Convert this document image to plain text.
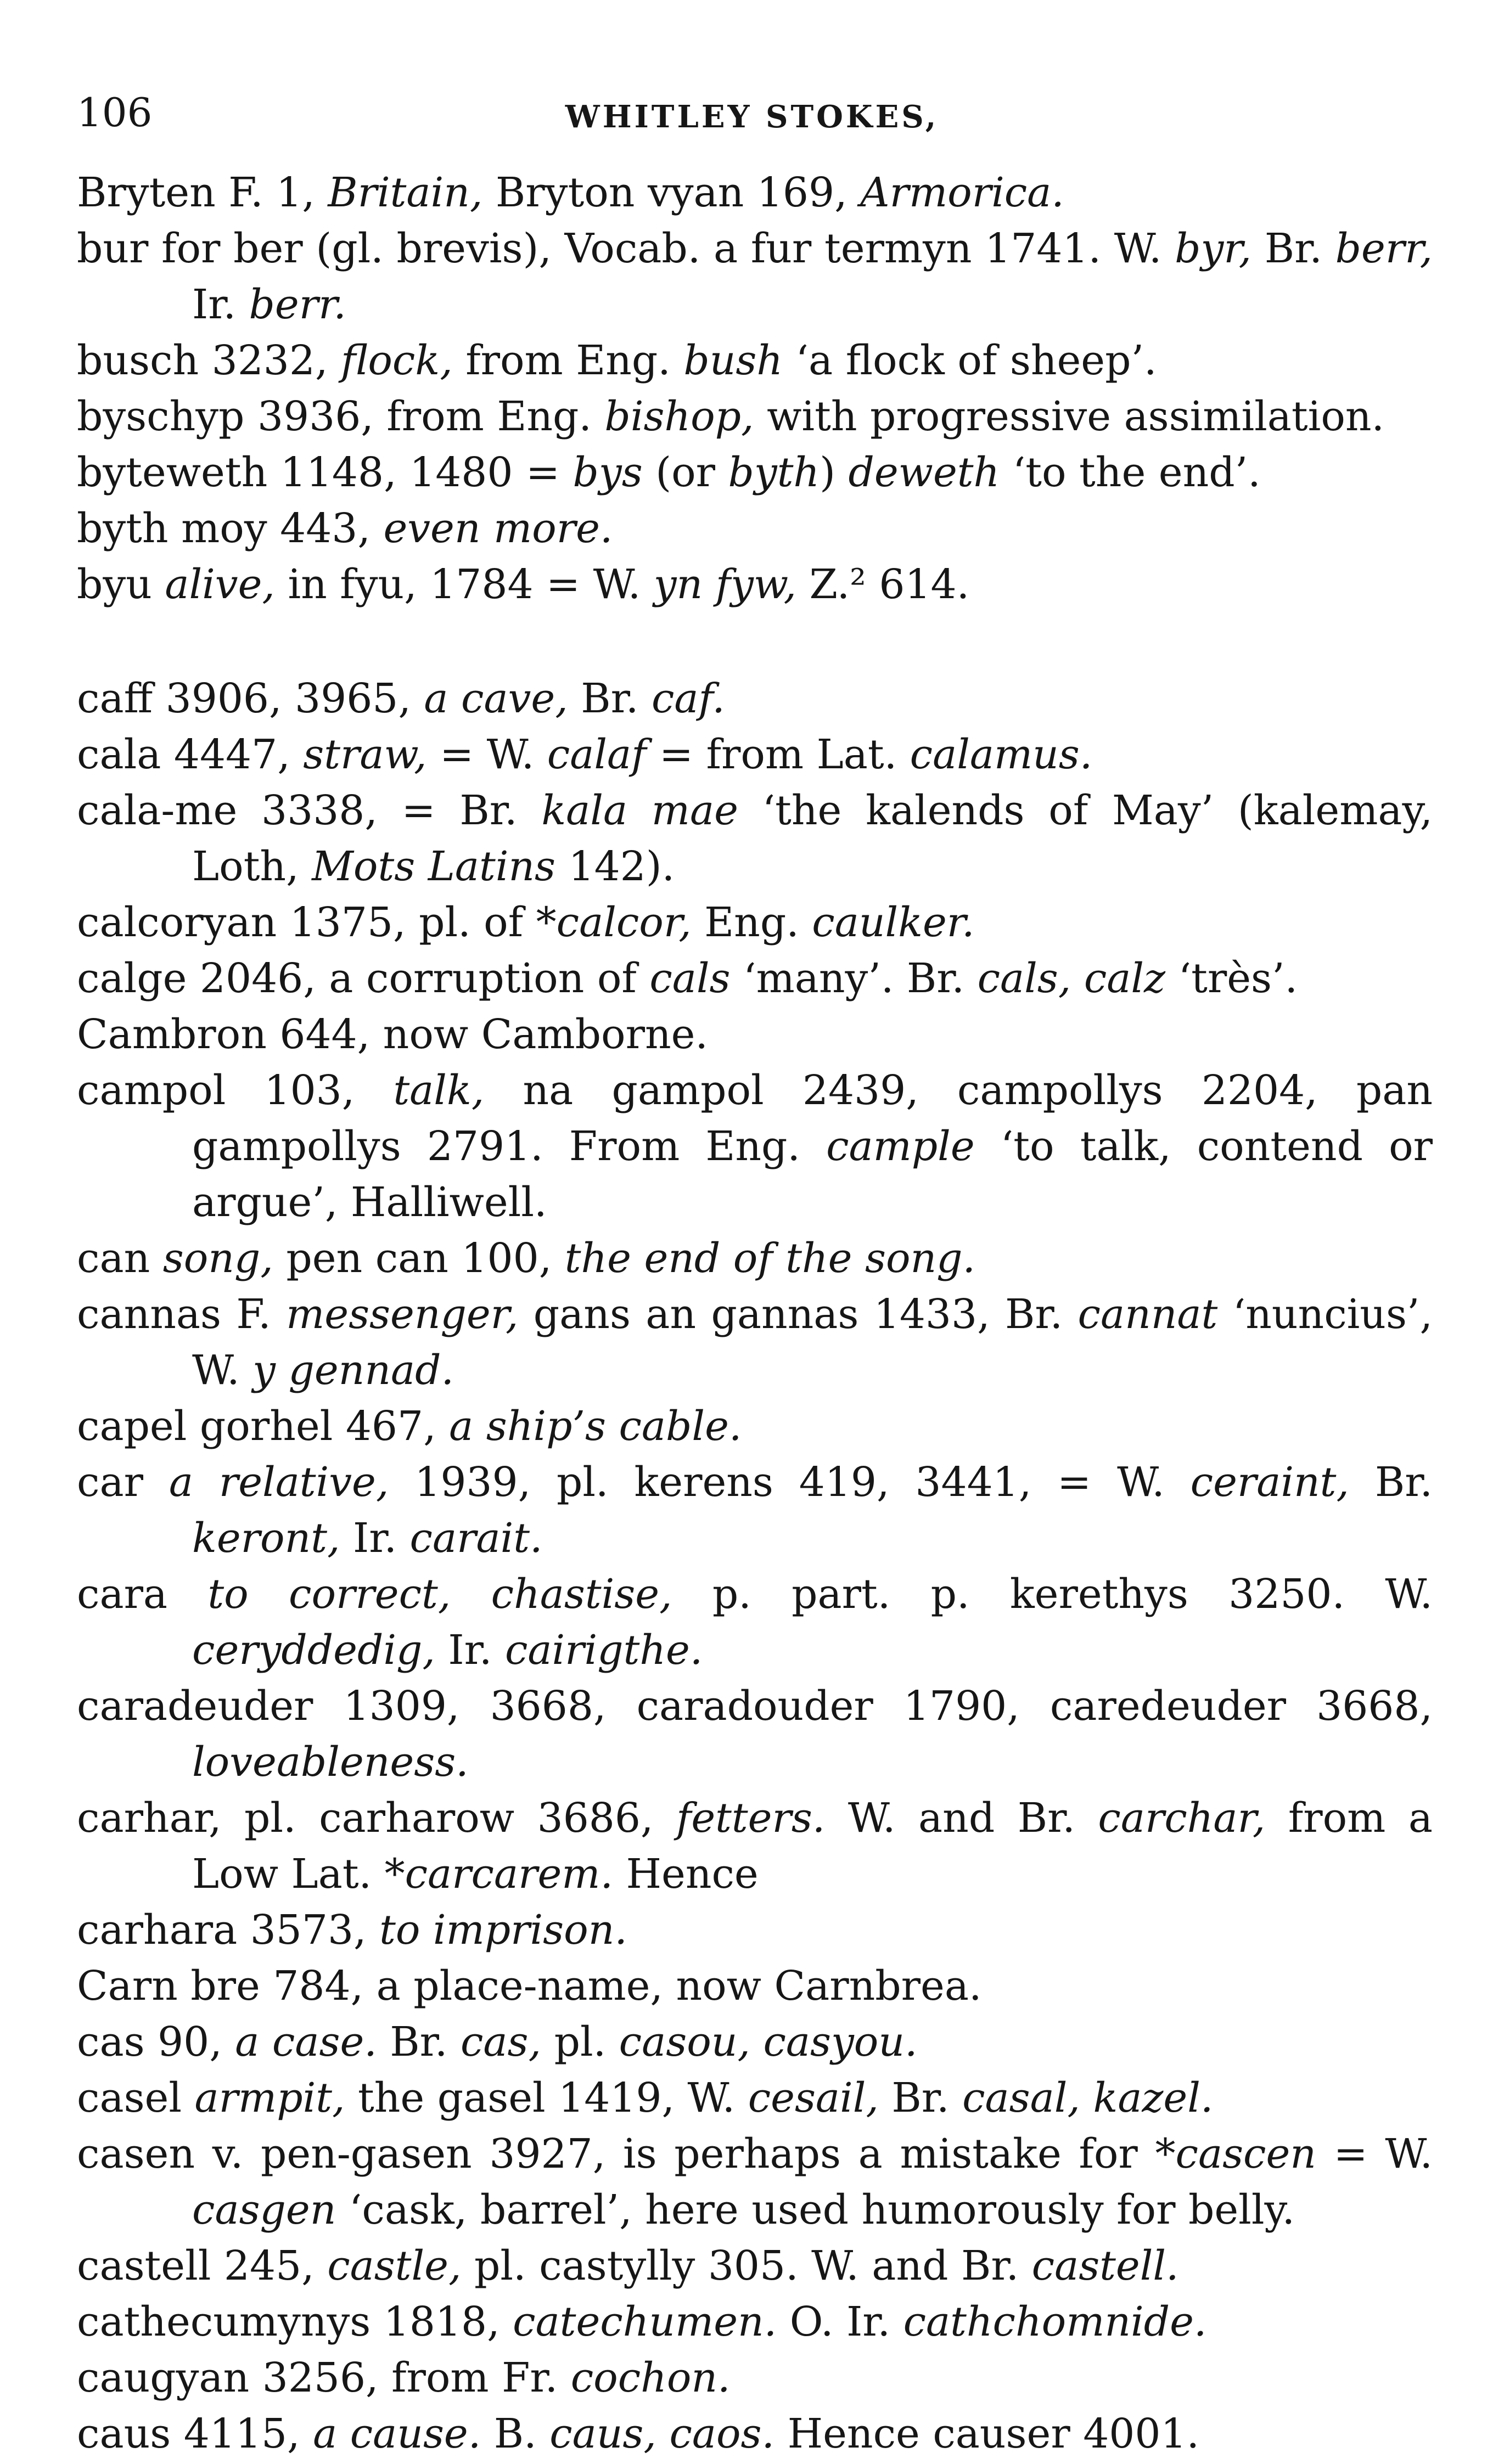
106	WHITLEY STOKES,
Bryten F. 1, Britain, Bryton vyan 169, Armorica.
bur for ber (gl. brevis), Vocab. a fur termyn 1741. W. byr, Br. berr, Ir. berr.
busch 3232, flock, from Eng. bush ‘a flock of sheep’.
byschyp 3936, from Eng. bishop, with progressive assimilation.
byteweth 1148, 1480 = bys (or byth) deweth ‘to the end’.
byth moy 443, even more.
byu alive, in fyu, 1784 = W. yn fyw, Z.² 614.
caff 3906, 3965, a cave, Br. caf.
cala 4447, straw, = W. calaf = from Lat. calamus.
cala-me 3338, = Br. kala mae ‘the kalends of May’ (kalemay, Loth, Mots Latins 142).
calcoryan 1375, pl. of *calcor, Eng. caulker.
calge 2046, a corruption of cals ‘many’. Br. cals, calz ‘très’.
Cambron 644, now Camborne.
campol 103, talk, na gampol 2439, campollys 2204, pan gampollys 2791. From Eng. cample ‘to talk, contend or argue’, Halliwell.
can song, pen can 100, the end of the song.
cannas F. messenger, gans an gannas 1433, Br. cannat ‘nuncius’, W. y gennad.
capel gorhel 467, a ship’s cable.
car a relative, 1939, pl. kerens 419, 3441, = W. ceraint, Br. keront, Ir. carait.
cara to correct, chastise, p. part. p. kerethys 3250. W. ceryddedig, Ir. cairigthe.
caradeuder 1309, 3668, caradouder 1790, caredeuder 3668, loveableness.
carhar, pl. carharow 3686, fetters. W. and Br. carchar, from a Low Lat. *carcarem. Hence
carhara 3573, to imprison.
Carn bre 784, a place-name, now Carnbrea.
cas 90, a case. Br. cas, pl. casou, casyou.
casel armpit, the gasel 1419, W. cesail, Br. casal, kazel.
casen v. pen-gasen 3927, is perhaps a mistake for *cascen = W. casgen ‘cask, barrel’, here used humorously for belly.
castell 245, castle, pl. castylly 305. W. and Br. castell.
cathecumynys 1818, catechumen. O. Ir. cathchomnide.
caugyan 3256, from Fr. cochon.
caus 4115, a cause. B. caus, caos. Hence causer 4001.
